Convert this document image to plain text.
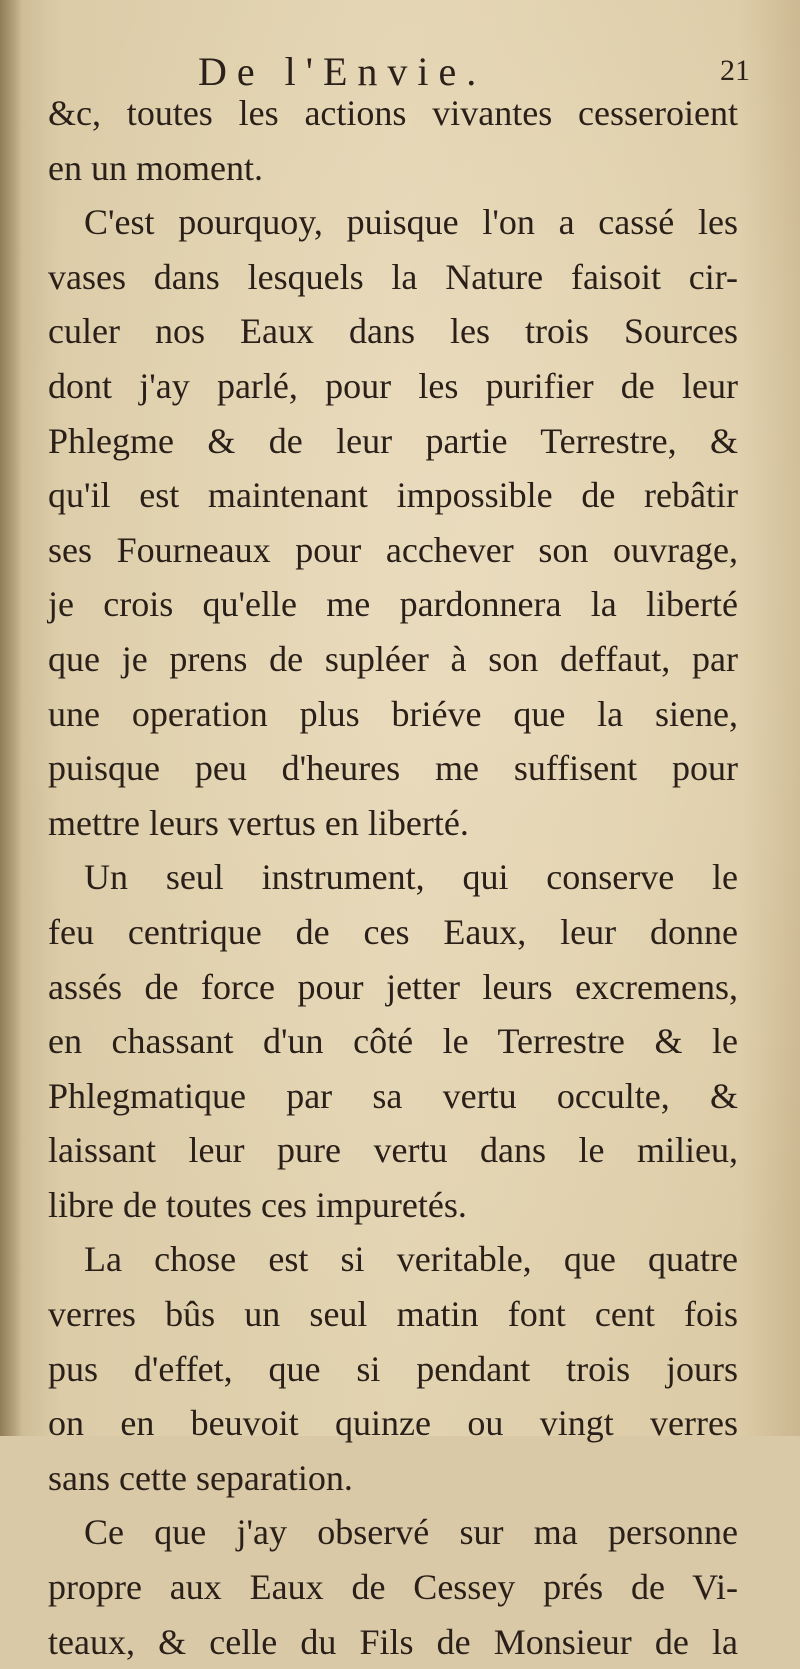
De l'Envie.	21
&c, toutes les actions vivantes cesseroient
en un moment.
C'est pourquoy, puisque l'on a cassé les
vases dans lesquels la Nature faisoit cir-
culer nos Eaux dans les trois Sources
dont j'ay parlé, pour les purifier de leur
Phlegme & de leur partie Terrestre, &
qu'il est maintenant impossible de rebâtir
ses Fourneaux pour acchever son ouvrage,
je crois qu'elle me pardonnera la liberté
que je prens de supléer à son deffaut, par
une operation plus briéve que la siene,
puisque peu d'heures me suffisent pour
mettre leurs vertus en liberté.
Un seul instrument, qui conserve le
feu centrique de ces Eaux, leur donne
assés de force pour jetter leurs excremens,
en chassant d'un côté le Terrestre & le
Phlegmatique par sa vertu occulte, &
laissant leur pure vertu dans le milieu,
libre de toutes ces impuretés.
La chose est si veritable, que quatre
verres bûs un seul matin font cent fois
pus d'effet, que si pendant trois jours
on en beuvoit quinze ou vingt verres
sans cette separation.
Ce que j'ay observé sur ma personne
propre aux Eaux de Cessey prés de Vi-
teaux, & celle du Fils de Monsieur de la
